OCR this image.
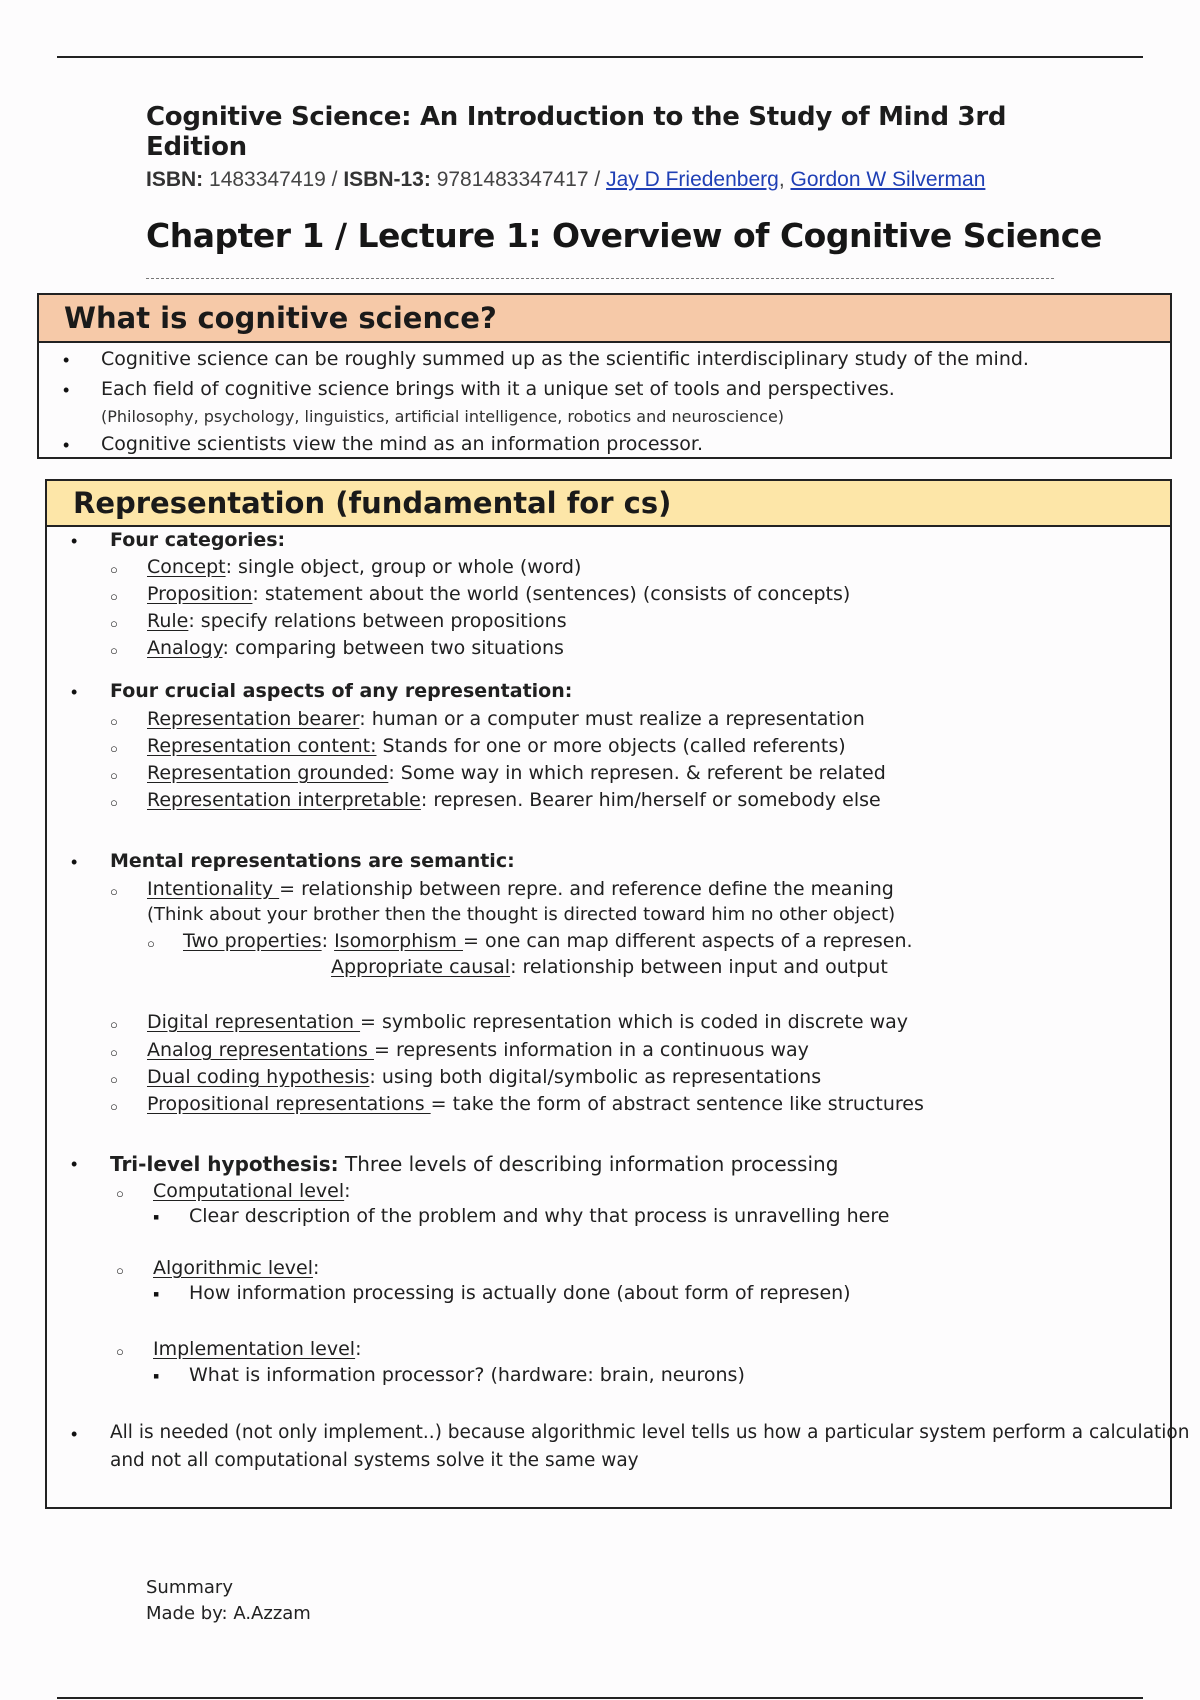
Cognitive Science: An Introduction to the Study of Mind 3rd Edition
ISBN: 1483347419 / ISBN-13: 9781483347417 / Jay D Friedenberg, Gordon W Silverman
Chapter 1 / Lecture 1: Overview of Cognitive Science
What is cognitive science?
•
Cognitive science can be roughly summed up as the scientific interdisciplinary study of the mind.
•
Each field of cognitive science brings with it a unique set of tools and perspectives.
(Philosophy, psychology, linguistics, artificial intelligence, robotics and neuroscience)
•
Cognitive scientists view the mind as an information processor.
Representation (fundamental for cs)
•
Four categories:
○
Concept: single object, group or whole (word)
○
Proposition: statement about the world (sentences) (consists of concepts)
○
Rule: specify relations between propositions
○
Analogy: comparing between two situations
•
Four crucial aspects of any representation:
○
Representation bearer: human or a computer must realize a representation
○
Representation content: Stands for one or more objects (called referents)
○
Representation grounded: Some way in which represen. & referent be related
○
Representation interpretable: represen. Bearer him/herself or somebody else
•
Mental representations are semantic:
○
Intentionality = relationship between repre. and reference define the meaning
(Think about your brother then the thought is directed toward him no other object)
○
Two properties: Isomorphism = one can map different aspects of a represen.
Appropriate causal: relationship between input and output
○
Digital representation = symbolic representation which is coded in discrete way
○
Analog representations = represents information in a continuous way
○
Dual coding hypothesis: using both digital/symbolic as representations
○
Propositional representations = take the form of abstract sentence like structures
•
Tri-level hypothesis: Three levels of describing information processing
○
Computational level:
▪
Clear description of the problem and why that process is unravelling here
○
Algorithmic level:
▪
How information processing is actually done (about form of represen)
○
Implementation level:
▪
What is information processor? (hardware: brain, neurons)
•
All is needed (not only implement..) because algorithmic level tells us how a particular system perform a calculation
and not all computational systems solve it the same way
Summary
Made by: A.Azzam
